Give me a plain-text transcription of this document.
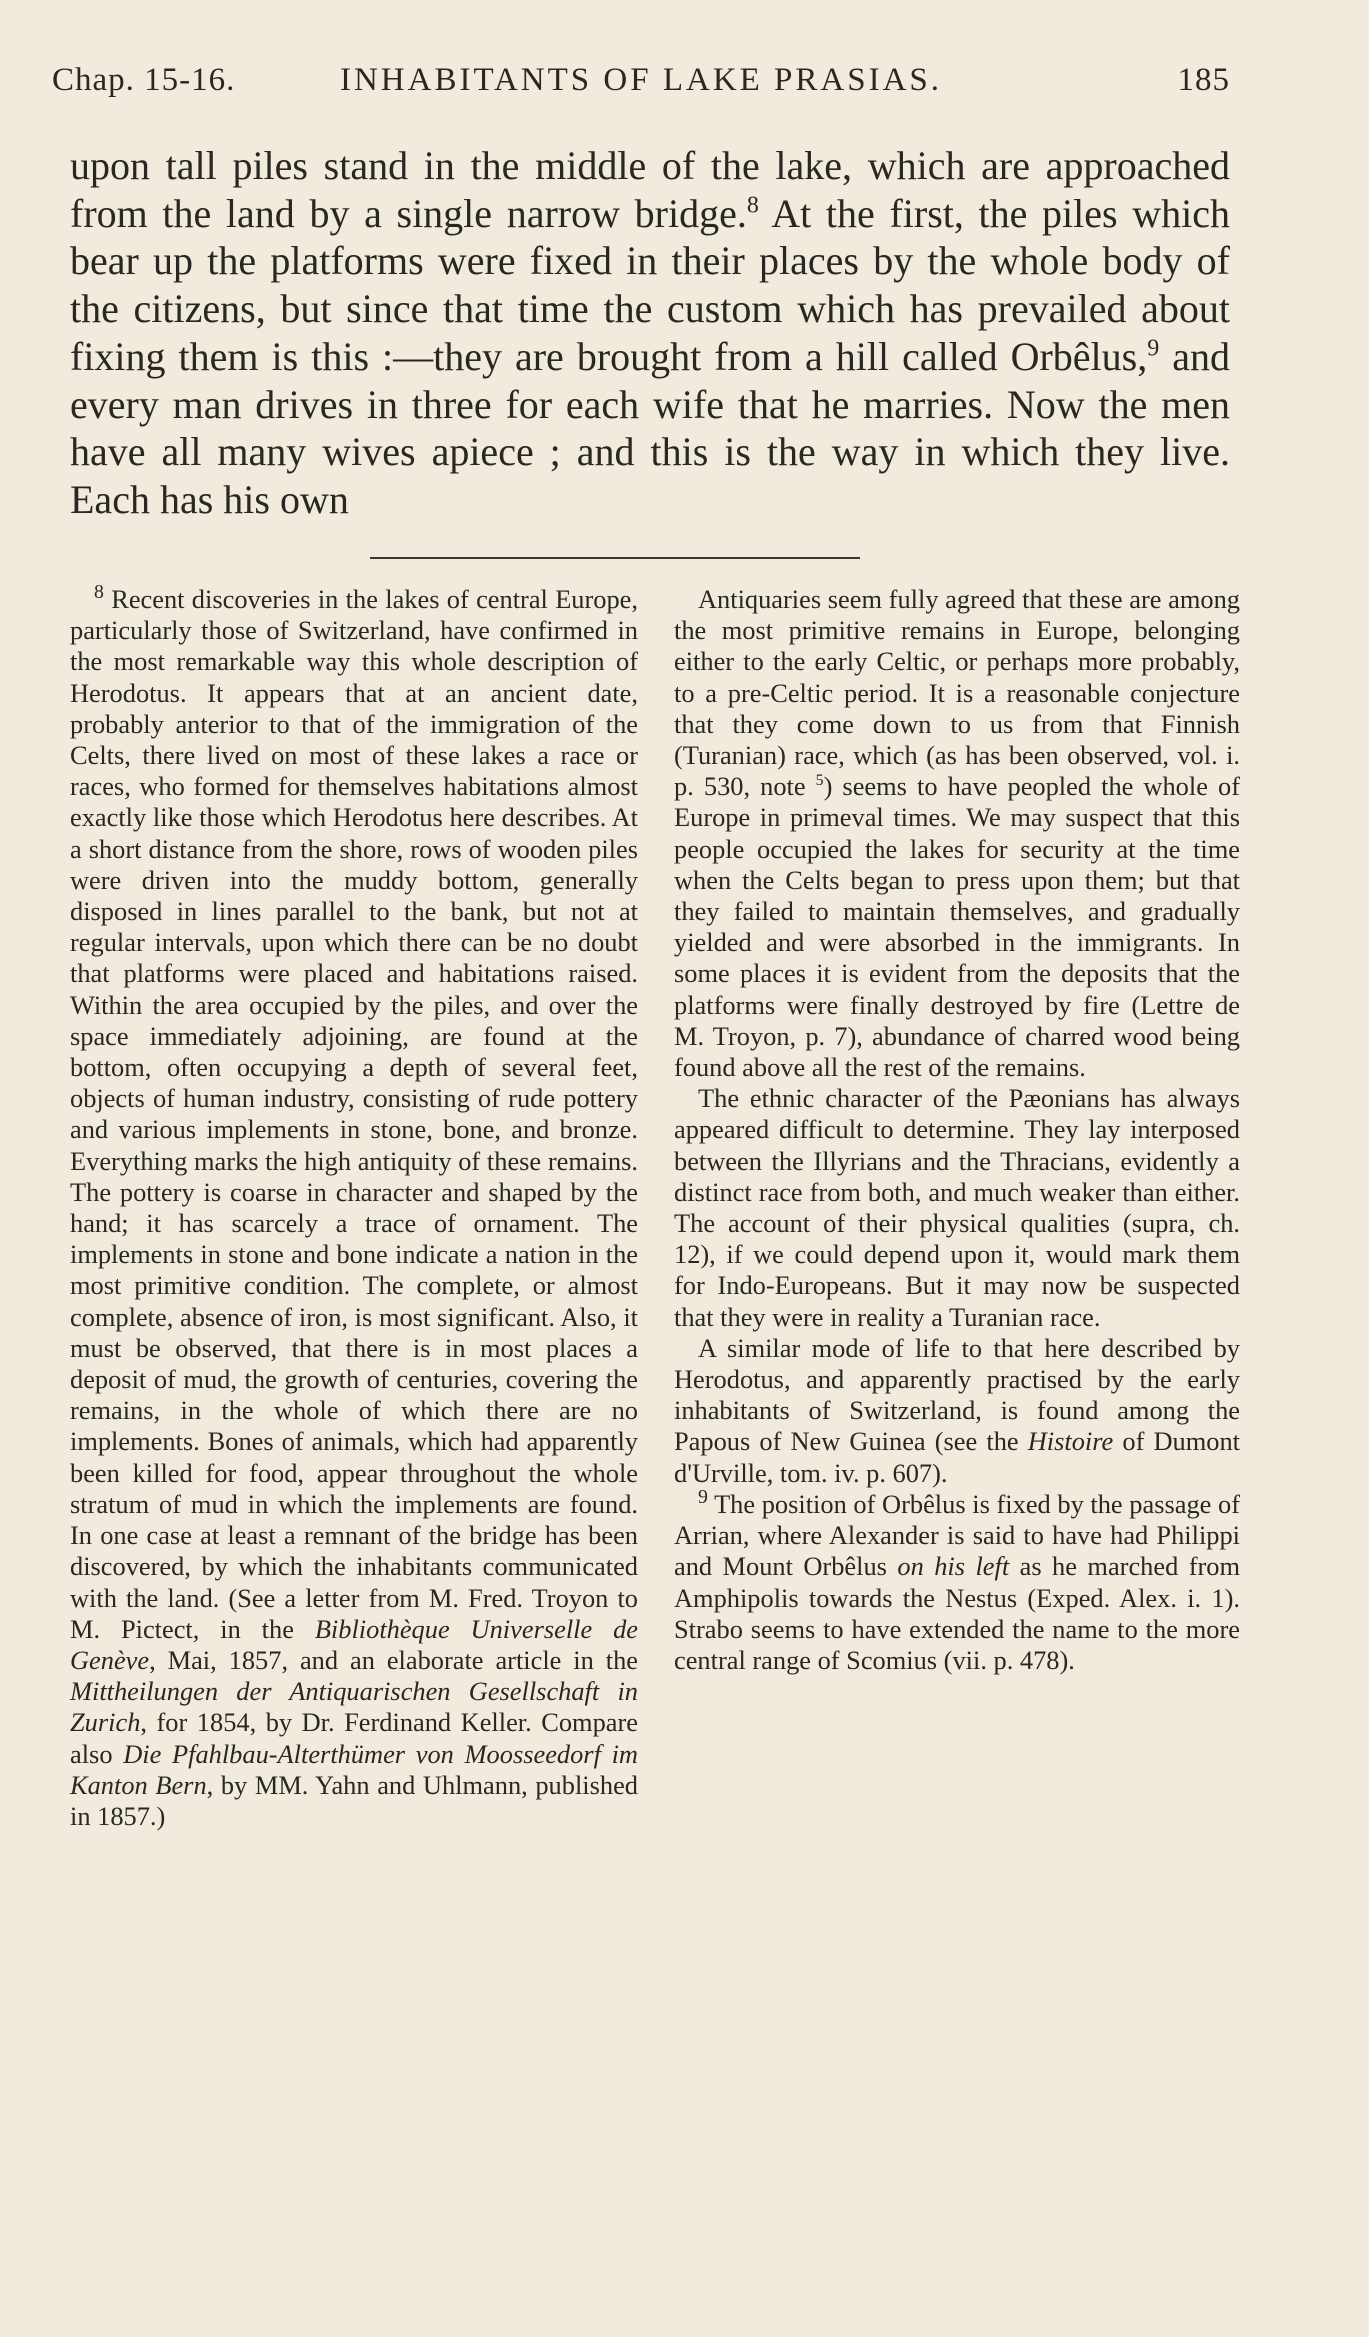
Chap. 15-16.	INHABITANTS OF LAKE PRASIAS.	185

upon tall piles stand in the middle of the lake, which are approached from the land by a single narrow bridge.$^8$ At the first, the piles which bear up the platforms were fixed in their places by the whole body of the citizens, but since that time the custom which has prevailed about fixing them is this :—they are brought from a hill called Orbêlus,$^9$ and every man drives in three for each wife that he marries. Now the men have all many wives apiece ; and this is the way in which they live. Each has his own

$^8$ Recent discoveries in the lakes of central Europe, particularly those of Switzerland, have confirmed in the most remarkable way this whole description of Herodotus. It appears that at an ancient date, probably anterior to that of the immigration of the Celts, there lived on most of these lakes a race or races, who formed for themselves habitations almost exactly like those which Herodotus here describes. At a short distance from the shore, rows of wooden piles were driven into the muddy bottom, generally disposed in lines parallel to the bank, but not at regular intervals, upon which there can be no doubt that platforms were placed and habitations raised. Within the area occupied by the piles, and over the space immediately adjoining, are found at the bottom, often occupying a depth of several feet, objects of human industry, consisting of rude pottery and various implements in stone, bone, and bronze. Everything marks the high antiquity of these remains. The pottery is coarse in character and shaped by the hand; it has scarcely a trace of ornament. The implements in stone and bone indicate a nation in the most primitive condition. The complete, or almost complete, absence of iron, is most significant. Also, it must be observed, that there is in most places a deposit of mud, the growth of centuries, covering the remains, in the whole of which there are no implements. Bones of animals, which had apparently been killed for food, appear throughout the whole stratum of mud in which the implements are found. In one case at least a remnant of the bridge has been discovered, by which the inhabitants communicated with the land. (See a letter from M. Fred. Troyon to M. Pictect, in the Bibliothèque Universelle de Genève, Mai, 1857, and an elaborate article in the Mittheilungen der Antiquarischen Gesellschaft in Zurich, for 1854, by Dr. Ferdinand Keller. Compare also Die Pfahlbau-Alterthümer von Moosseedorf im Kanton Bern, by MM. Yahn and Uhlmann, published in 1857.)

Antiquaries seem fully agreed that these are among the most primitive remains in Europe, belonging either to the early Celtic, or perhaps more probably, to a pre-Celtic period. It is a reasonable conjecture that they come down to us from that Finnish (Turanian) race, which (as has been observed, vol. i. p. 530, note $^5$) seems to have peopled the whole of Europe in primeval times. We may suspect that this people occupied the lakes for security at the time when the Celts began to press upon them; but that they failed to maintain themselves, and gradually yielded and were absorbed in the immigrants. In some places it is evident from the deposits that the platforms were finally destroyed by fire (Lettre de M. Troyon, p. 7), abundance of charred wood being found above all the rest of the remains.

The ethnic character of the Pæonians has always appeared difficult to determine. They lay interposed between the Illyrians and the Thracians, evidently a distinct race from both, and much weaker than either. The account of their physical qualities (supra, ch. 12), if we could depend upon it, would mark them for Indo-Europeans. But it may now be suspected that they were in reality a Turanian race.

A similar mode of life to that here described by Herodotus, and apparently practised by the early inhabitants of Switzerland, is found among the Papous of New Guinea (see the Histoire of Dumont d'Urville, tom. iv. p. 607).

$^9$ The position of Orbêlus is fixed by the passage of Arrian, where Alexander is said to have had Philippi and Mount Orbêlus on his left as he marched from Amphipolis towards the Nestus (Exped. Alex. i. 1). Strabo seems to have extended the name to the more central range of Scomius (vii. p. 478).
